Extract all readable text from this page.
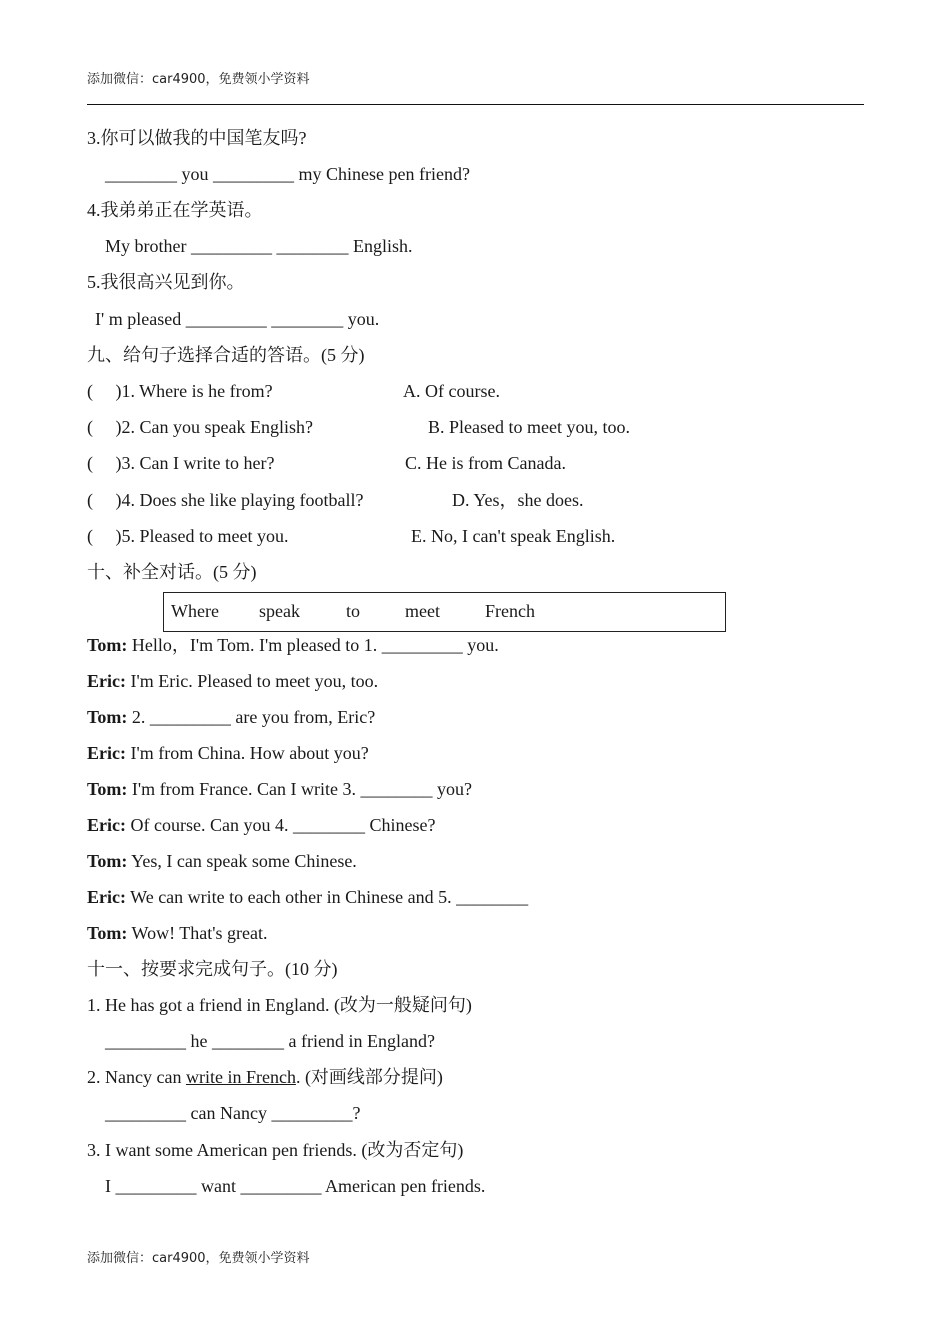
添加微信：car4900，免费领小学资料
3.你可以做我的中国笔友吗?
________ you _________ my Chinese pen friend?
4.我弟弟正在学英语。
My brother _________ ________ English.
5.我很高兴见到你。
I' m pleased _________ ________ you.
九、给句子选择合适的答语。(5 分)
(     )1. Where is he from?	A. Of course.
(     )2. Can you speak English?	B. Pleased to meet you, too.
(     )3. Can I write to her?	C. He is from Canada.
(     )4. Does she like playing football?	D. Yes，she does.
(     )5. Pleased to meet you.	E. No, I can't speak English.
十、补全对话。(5 分)
Where speak	to meet	French
Tom: Hello，I'm Tom. I'm pleased to 1. _________ you.
Eric: I'm Eric. Pleased to meet you, too.
Tom: 2. _________ are you from, Eric?
Eric: I'm from China. How about you?
Tom: I'm from France. Can I write 3. ________ you?
Eric: Of course. Can you 4. ________ Chinese?
Tom: Yes, I can speak some Chinese.
Eric: We can write to each other in Chinese and 5. ________
Tom: Wow! That's great.
十一、按要求完成句子。(10 分)
1. He has got a friend in England. (改为一般疑问句)
_________ he ________ a friend in England?
2. Nancy can write in French. (对画线部分提问)
_________ can Nancy _________?
3. I want some American pen friends. (改为否定句)
I _________ want _________ American pen friends.
添加微信：car4900，免费领小学资料
